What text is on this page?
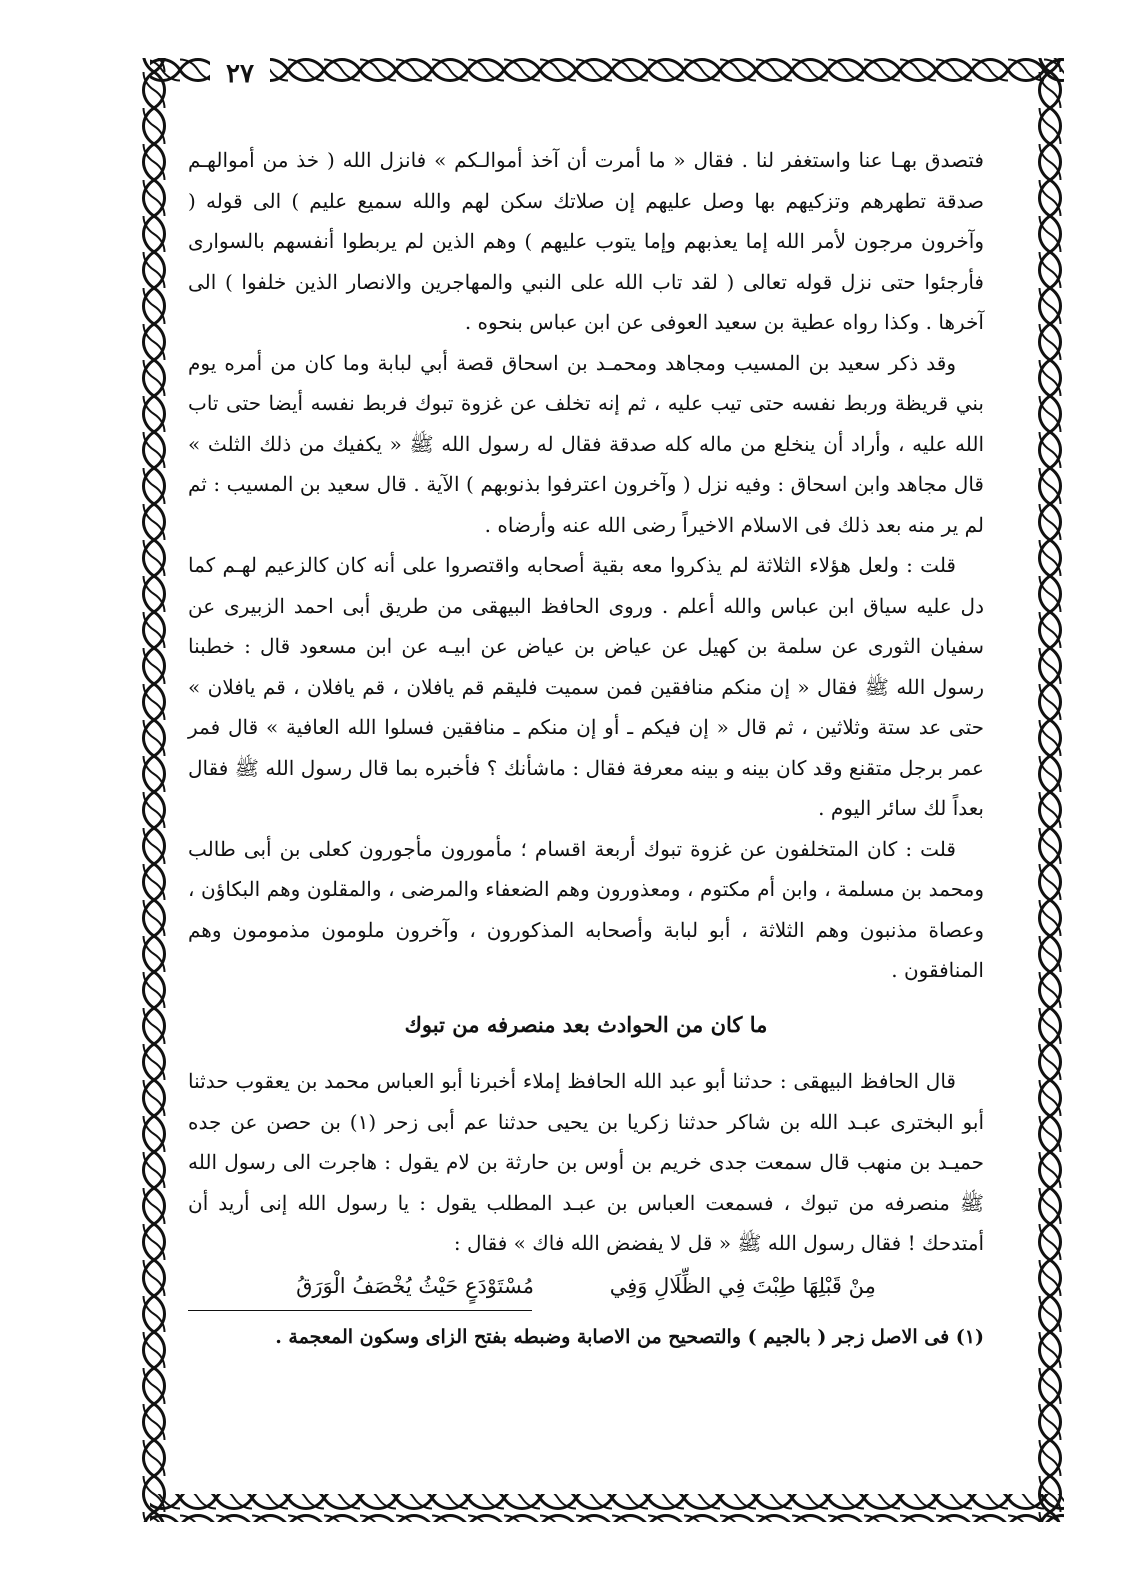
٢٧

فتصدق بهـا عنا واستغفر لنا . فقال « ما أمرت أن آخذ أموالـكم » فانزل الله ( خذ من أموالهـم صدقة تطهرهم وتزكيهم بها وصل عليهم إن صلاتك سكن لهم والله سميع عليم ) الى قوله ( وآخرون مرجون لأمر الله إما يعذبهم وإما يتوب عليهم ) وهم الذين لم يربطوا أنفسهم بالسوارى فأرجئوا حتى نزل قوله تعالى ( لقد تاب الله على النبي والمهاجرين والانصار الذين خلفوا ) الى آخرها . وكذا رواه عطية بن سعيد العوفى عن ابن عباس بنحوه .

وقد ذكر سعيد بن المسيب ومجاهد ومحمـد بن اسحاق قصة أبي لبابة وما كان من أمره يوم بني قريظة وربط نفسه حتى تيب عليه ، ثم إنه تخلف عن غزوة تبوك فربط نفسه أيضا حتى تاب الله عليه ، وأراد أن ينخلع من ماله كله صدقة فقال له رسول الله ﷺ « يكفيك من ذلك الثلث » قال مجاهد وابن اسحاق : وفيه نزل ( وآخرون اعترفوا بذنوبهم ) الآية . قال سعيد بن المسيب : ثم لم ير منه بعد ذلك فى الاسلام الاخيراً رضى الله عنه وأرضاه .

قلت : ولعل هؤلاء الثلاثة لم يذكروا معه بقية أصحابه واقتصروا على أنه كان كالزعيم لهـم كما دل عليه سياق ابن عباس والله أعلم . وروى الحافظ البيهقى من طريق أبى احمد الزبيرى عن سفيان الثورى عن سلمة بن كهيل عن عياض بن عياض عن ابيـه عن ابن مسعود قال : خطبنا رسول الله ﷺ فقال « إن منكم منافقين فمن سميت فليقم قم يافلان ، قم يافلان ، قم يافلان » حتى عد ستة وثلاثين ، ثم قال « إن فيكم ـ أو إن منكم ـ منافقين فسلوا الله العافية » قال فمر عمر برجل متقنع وقد كان بينه و بينه معرفة فقال : ماشأنك ؟ فأخبره بما قال رسول الله ﷺ فقال بعداً لك سائر اليوم .

قلت : كان المتخلفون عن غزوة تبوك أربعة اقسام ؛ مأمورون مأجورون كعلى بن أبى طالب ومحمد بن مسلمة ، وابن أم مكتوم ، ومعذورون وهم الضعفاء والمرضى ، والمقلون وهم البكاؤن ، وعصاة مذنبون وهم الثلاثة ، أبو لبابة وأصحابه المذكورون ، وآخرون ملومون مذمومون وهم المنافقون .

ما كان من الحوادث بعد منصرفه من تبوك

قال الحافظ البيهقى : حدثنا أبو عبد الله الحافظ إملاء أخبرنا أبو العباس محمد بن يعقوب حدثنا أبو البخترى عبـد الله بن شاكر حدثنا زكريا بن يحيى حدثنا عم أبى زحر (١) بن حصن عن جده حميـد بن منهب قال سمعت جدى خريم بن أوس بن حارثة بن لام يقول : هاجرت الى رسول الله ﷺ منصرفه من تبوك ، فسمعت العباس بن عبـد المطلب يقول : يا رسول الله إنى أريد أن أمتدحك ! فقال رسول الله ﷺ « قل لا يفضض الله فاك » فقال :

مِنْ قَبْلِهَا طِبْتَ فِي الظِّلَالِ وَفِي مُسْتَوْدَعٍ حَيْثُ يُخْصَفُ الْوَرَقُ

(١) فى الاصل زجر ( بالجيم ) والتصحيح من الاصابة وضبطه بفتح الزاى وسكون المعجمة .
